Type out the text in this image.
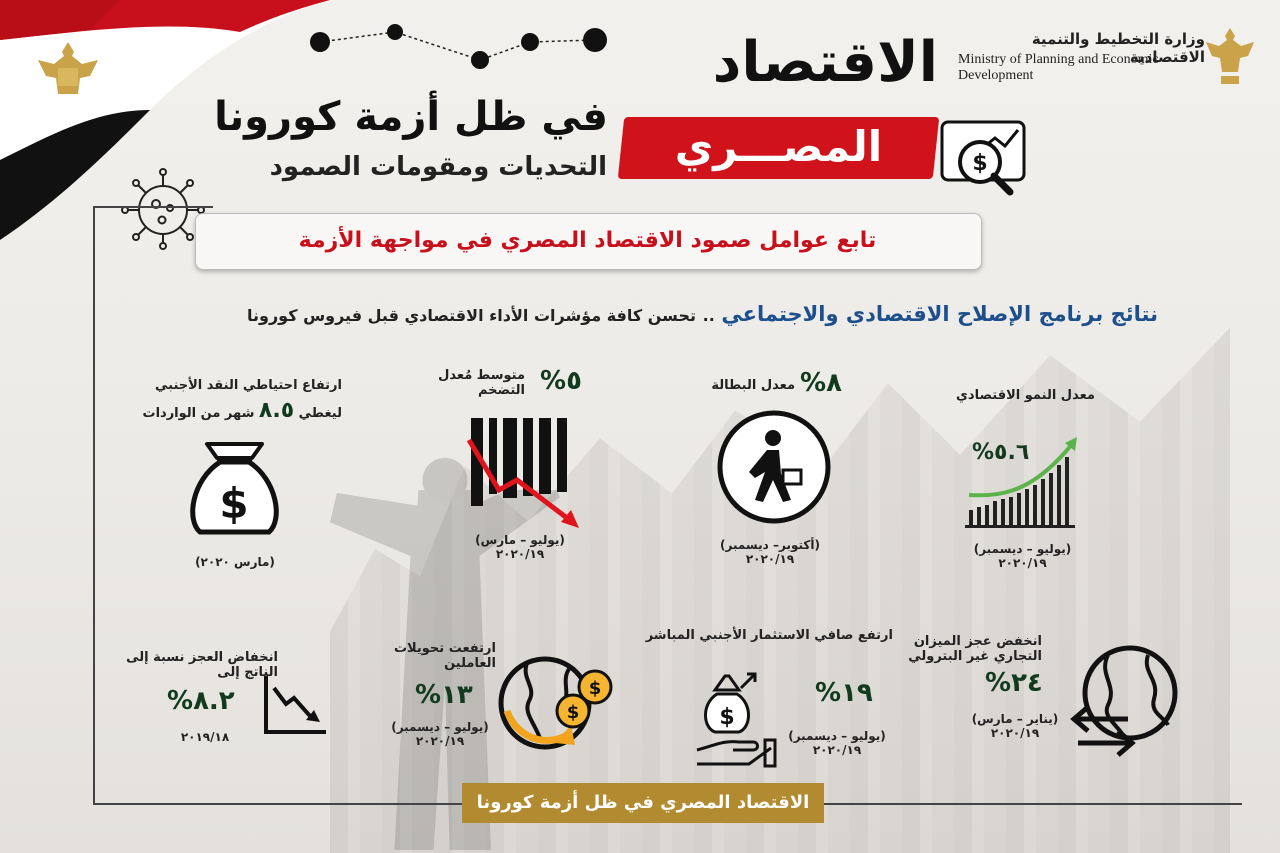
الاقتصاد
المصـــري
في ظل أزمة كورونا
التحديات ومقومات الصمود	$
وزارة التخطيط والتنمية الاقتصادية
Ministry of Planning and Economic
Development
تابع عوامل صمود الاقتصاد المصري في مواجهة الأزمة
نتائج برنامج الإصلاح الاقتصادي والاجتماعي .. تحسن كافة مؤشرات الأداء الاقتصادي قبل فيروس كورونا
معدل النمو الاقتصادي
٥.٦%
(يوليو – ديسمبر)
٢٠٢٠/١٩
٨%
معدل البطالة
(أكتوبر– ديسمبر)
٢٠٢٠/١٩
٥%
متوسط مُعدل
التضخم
(يوليو – مارس)
٢٠٢٠/١٩
ارتفاع احتياطي النقد الأجنبي
ليغطي ٨.٥ شهر من الواردات
$
(مارس ٢٠٢٠)
انخفض عجز الميزان
التجاري غير البترولي
٢٤%
(يناير – مارس)
٢٠٢٠/١٩
ارتفع صافي الاستثمار الأجنبي المباشر
١٩%
$
(يوليو – ديسمبر)
٢٠٢٠/١٩
ارتفعت تحويلات
العاملين
١٣%
(يوليو – ديسمبر)
٢٠٢٠/١٩
$
$
انخفاض العجز نسبة إلى
الناتج إلى
٨.٢%
٢٠١٩/١٨
الاقتصاد المصري في ظل أزمة كورونا
